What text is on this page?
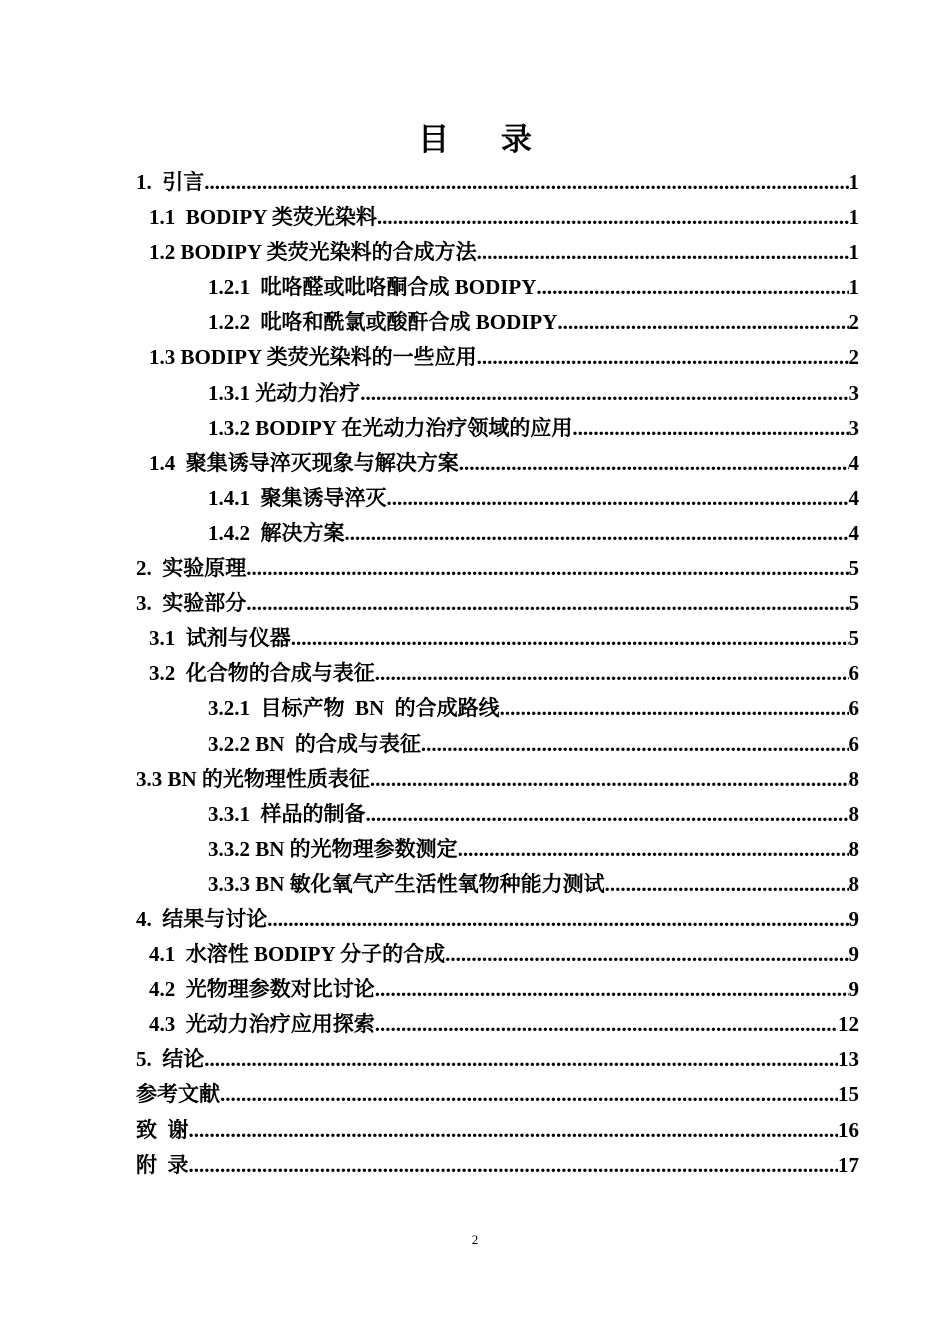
目 录
1.  引言 .....	1
1.1  BODIPY 类荧光染料 .....	1
1.2 BODIPY 类荧光染料的合成方法 .....	1
1.2.1  吡咯醛或吡咯酮合成 BODIPY .....	1
1.2.2  吡咯和酰氯或酸酐合成 BODIPY .....	2
1.3 BODIPY 类荧光染料的一些应用 .....	2
1.3.1 光动力治疗 .....	3
1.3.2 BODIPY 在光动力治疗领域的应用 .....	3
1.4  聚集诱导淬灭现象与解决方案 .....	4
1.4.1  聚集诱导淬灭 .....	4
1.4.2  解决方案 .....	4
2.  实验原理 .....	5
3.  实验部分 .....	5
3.1  试剂与仪器 .....	5
3.2  化合物的合成与表征 .....	6
3.2.1  目标产物  BN  的合成路线 .....	6
3.2.2 BN  的合成与表征 .....	6
3.3 BN 的光物理性质表征 .....	8
3.3.1  样品的制备 .....	8
3.3.2 BN 的光物理参数测定 .....	8
3.3.3 BN 敏化氧气产生活性氧物种能力测试 .....	8
4.  结果与讨论 .....	9
4.1  水溶性 BODIPY 分子的合成 .....	9
4.2  光物理参数对比讨论 .....	9
4.3  光动力治疗应用探索 .....	12
5.  结论 .....	13
参考文献 .....	15
致  谢 .....	16
附  录 .....	17
2
